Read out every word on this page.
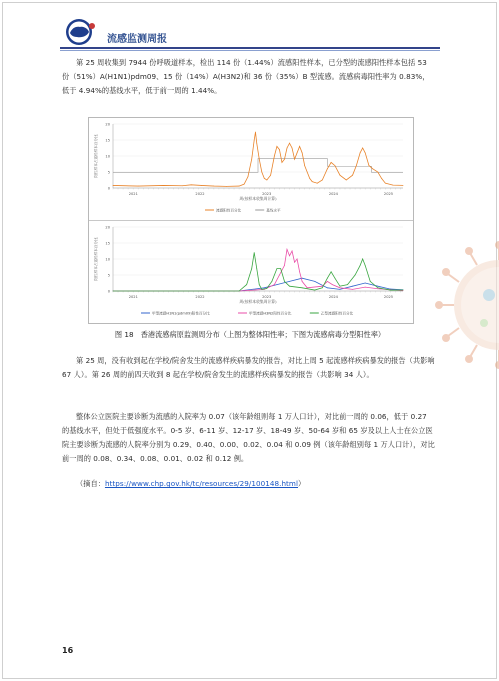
流感监测周报
第 25 周收集到 7944 份呼吸道样本，检出 114 份（1.44%）流感阳性样本，已分型的流感阳性样本包括 53 份（51%）A(H1N1)pdm09、15 份（14%）A(H3N2)和 36 份（35%）B 型流感。流感病毒阳性率为 0.83%，低于 4.94%的基线水平，低于前一周的 1.44%。
20
15
10
5
0
2021	2022	2023	2024	2025
周(按样本收集周计算)
阳性样本占送检样本百分比
流感阳性百分比	基线水平
20
15
10
5
0
2021	2022	2023	2024	2025
周(按样本收集周计算)
阳性样本占送检样本百分比
甲型流感H1N1(pdm09)阳性百分比	甲型流感H3N2阳性百分比	乙型流感阳性百分比
图 18　香港流感病原监测周分布（上图为整体阳性率；下图为流感病毒分型阳性率）
第 25 周，没有收到起在学校/院舍发生的流感样疾病暴发的报告，对比上周 5 起流感样疾病暴发的报告（共影响 67 人）。第 26 周的前四天收到 8 起在学校/院舍发生的流感样疾病暴发的报告（共影响 34 人）。
整体公立医院主要诊断为流感的入院率为 0.07（该年龄组则每 1 万人口计），对比前一周的 0.06，低于 0.27 的基线水平，但处于低强度水平。0-5 岁、6-11 岁、12-17 岁、18-49 岁、50-64 岁和 65 岁及以上人士在公立医院主要诊断为流感的人院率分别为 0.29、0.40、0.00、0.02、0.04 和 0.09 例（该年龄组别每 1 万人口计），对比前一周的 0.08、0.34、0.08、0.01、0.02 和 0.12 例。
（摘自：https://www.chp.gov.hk/tc/resources/29/100148.html）
16
